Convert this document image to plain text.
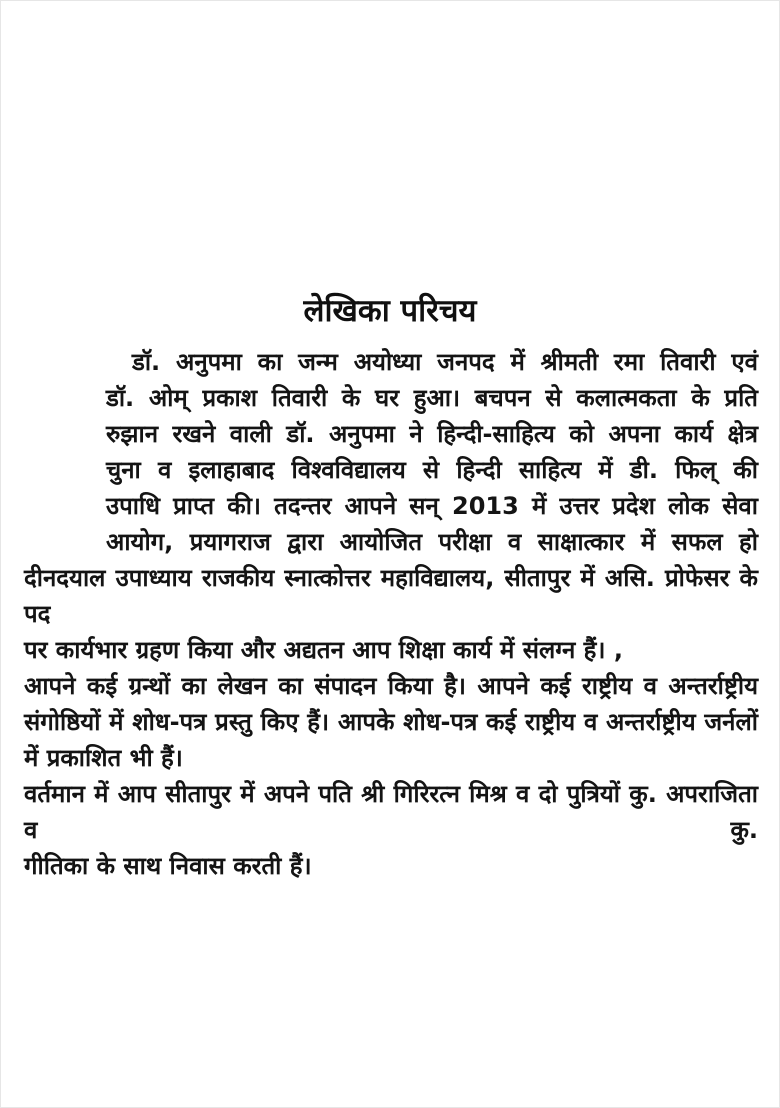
लेखिका परिचय
डॉ. अनुपमा का जन्म अयोध्या जनपद में श्रीमती रमा तिवारी एवं
डॉ. ओम् प्रकाश तिवारी के घर हुआ। बचपन से कलात्मकता के प्रति
रुझान रखने वाली डॉ. अनुपमा ने हिन्दी-साहित्य को अपना कार्य क्षेत्र
चुना व इलाहाबाद विश्वविद्यालय से हिन्दी साहित्य में डी. फिल् की
उपाधि प्राप्त की। तदन्तर आपने सन् 2013 में उत्तर प्रदेश लोक सेवा
आयोग, प्रयागराज द्वारा आयोजित परीक्षा व साक्षात्कार में सफल हो
दीनदयाल उपाध्याय राजकीय स्नात्कोत्तर महाविद्यालय, सीतापुर में असि. प्रोफेसर के पद
पर कार्यभार ग्रहण किया और अद्यतन आप शिक्षा कार्य में संलग्न हैं। ,
आपने कई ग्रन्थों का लेखन का संपादन किया है। आपने कई राष्ट्रीय व अन्तर्राष्ट्रीय
संगोष्ठियों में शोध-पत्र प्रस्तु किए हैं। आपके शोध-पत्र कई राष्ट्रीय व अन्तर्राष्ट्रीय जर्नलों
में प्रकाशित भी हैं।
वर्तमान में आप सीतापुर में अपने पति श्री गिरिरत्न मिश्र व दो पुत्रियों कु. अपराजिता व कु.
गीतिका के साथ निवास करती हैं।
